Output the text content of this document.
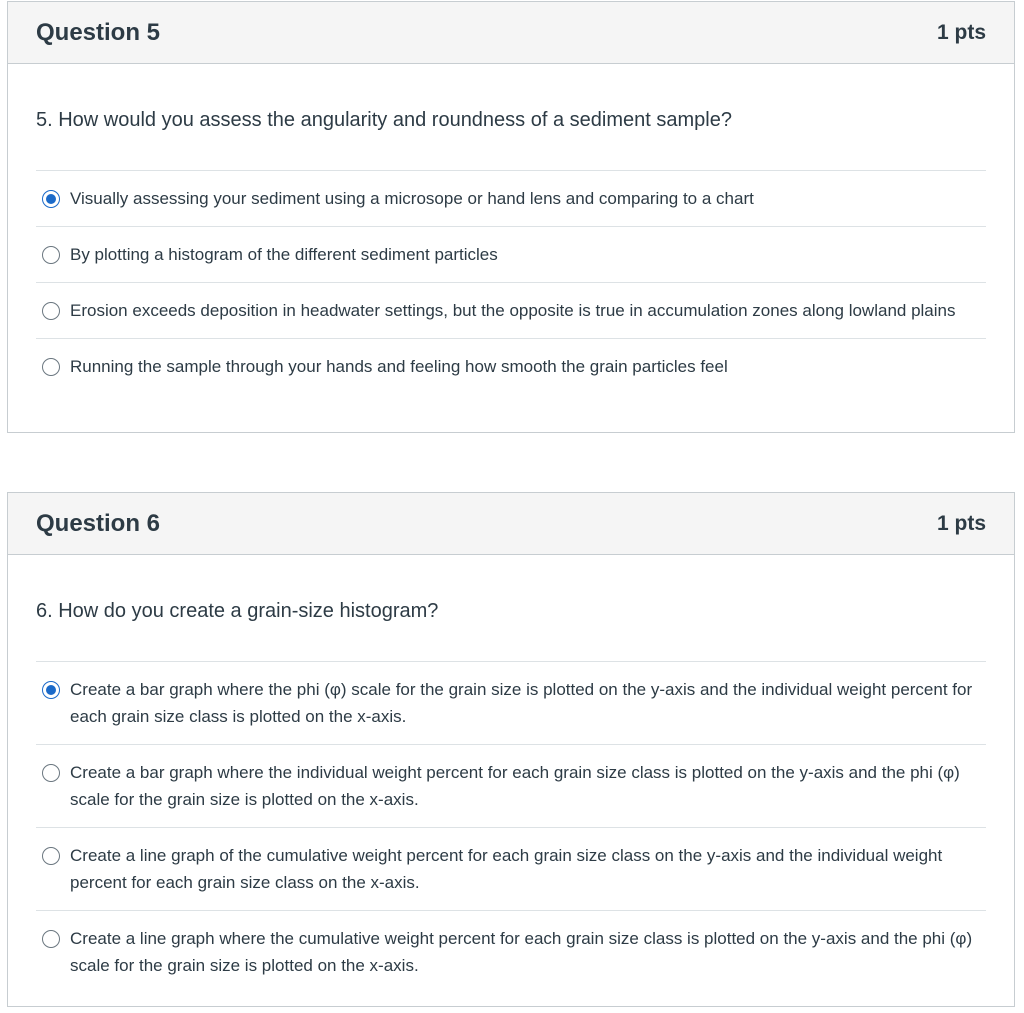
Question 5	1 pts
5. How would you assess the angularity and roundness of a sediment sample?
Visually assessing your sediment using a microsope or hand lens and comparing to a chart
By plotting a histogram of the different sediment particles
Erosion exceeds deposition in headwater settings, but the opposite is true in accumulation zones along lowland plains
Running the sample through your hands and feeling how smooth the grain particles feel
Question 6	1 pts
6. How do you create a grain-size histogram?
Create a bar graph where the phi (φ) scale for the grain size is plotted on the y-axis and the individual weight percent for each grain size class is plotted on the x-axis.
Create a bar graph where the individual weight percent for each grain size class is plotted on the y-axis and the phi (φ) scale for the grain size is plotted on the x-axis.
Create a line graph of the cumulative weight percent for each grain size class on the y-axis and the individual weight percent for each grain size class on the x-axis.
Create a line graph where the cumulative weight percent for each grain size class is plotted on the y-axis and the phi (φ) scale for the grain size is plotted on the x-axis.
